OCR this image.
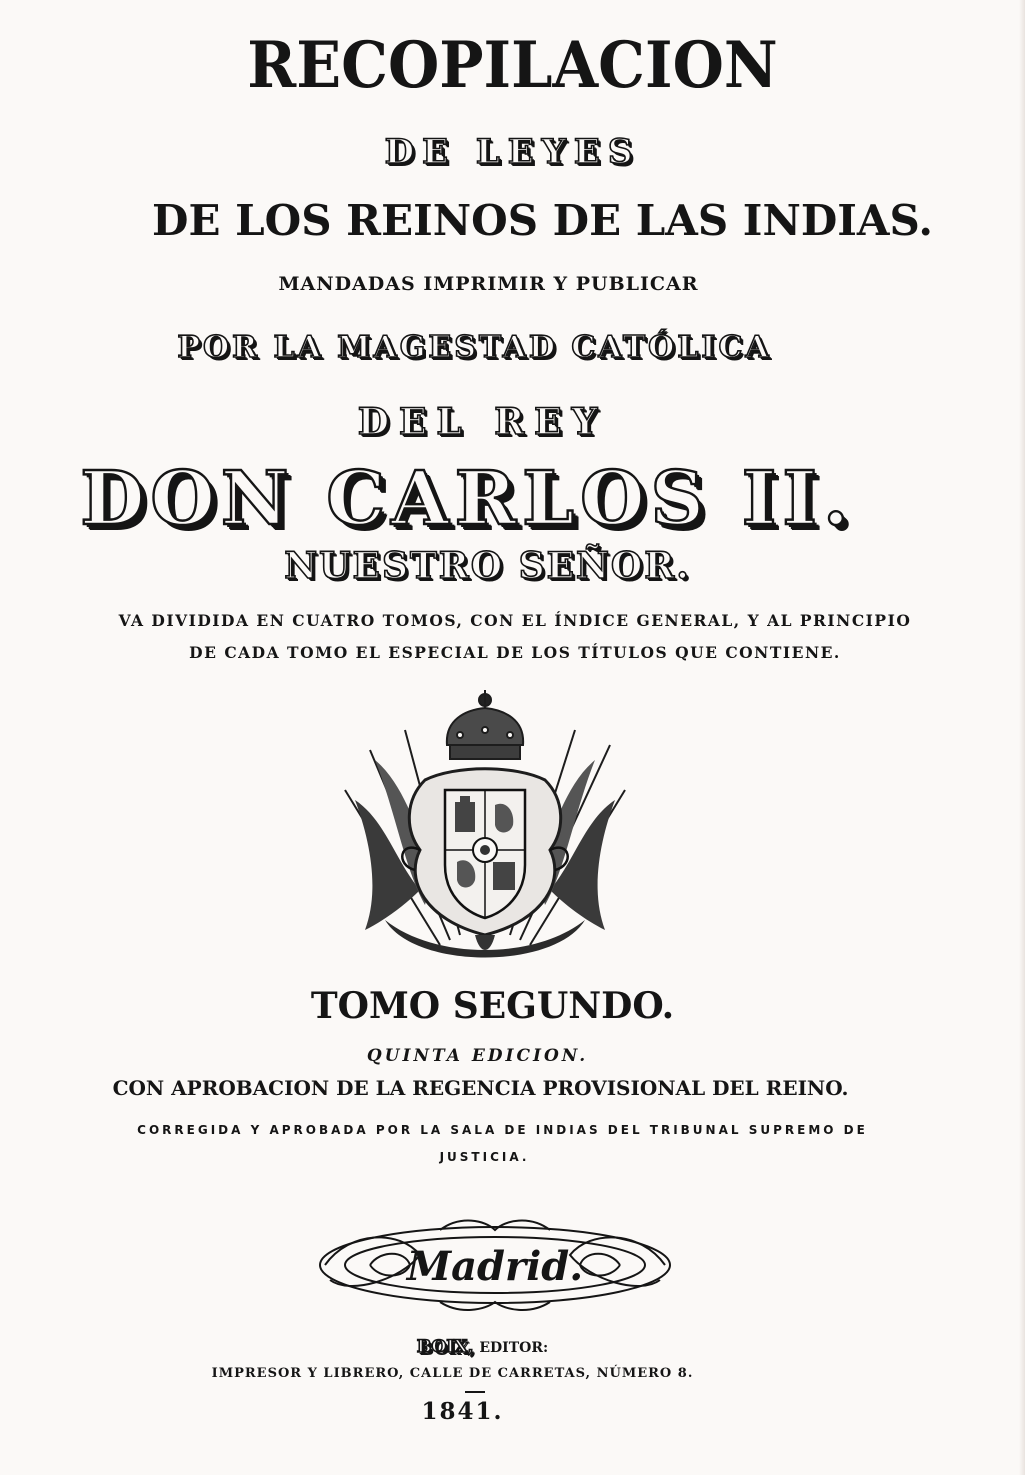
RECOPILACION
DE LEYES
DE LOS REINOS DE LAS INDIAS.
MANDADAS IMPRIMIR Y PUBLICAR
POR LA MAGESTAD CATÓLICA
DEL REY
DON CARLOS II.
NUESTRO SEÑOR.
VA DIVIDIDA EN CUATRO TOMOS, CON EL ÍNDICE GENERAL, Y AL PRINCIPIO
DE CADA TOMO EL ESPECIAL DE LOS TÍTULOS QUE CONTIENE.
TOMO SEGUNDO.
QUINTA EDICION.
CON APROBACION DE LA REGENCIA PROVISIONAL DEL REINO.
CORREGIDA Y APROBADA POR LA SALA DE INDIAS DEL TRIBUNAL SUPREMO DE
JUSTICIA.
Madrid.
BOIX, EDITOR:
IMPRESOR Y LIBRERO, CALLE DE CARRETAS, NÚMERO 8.
1841.
